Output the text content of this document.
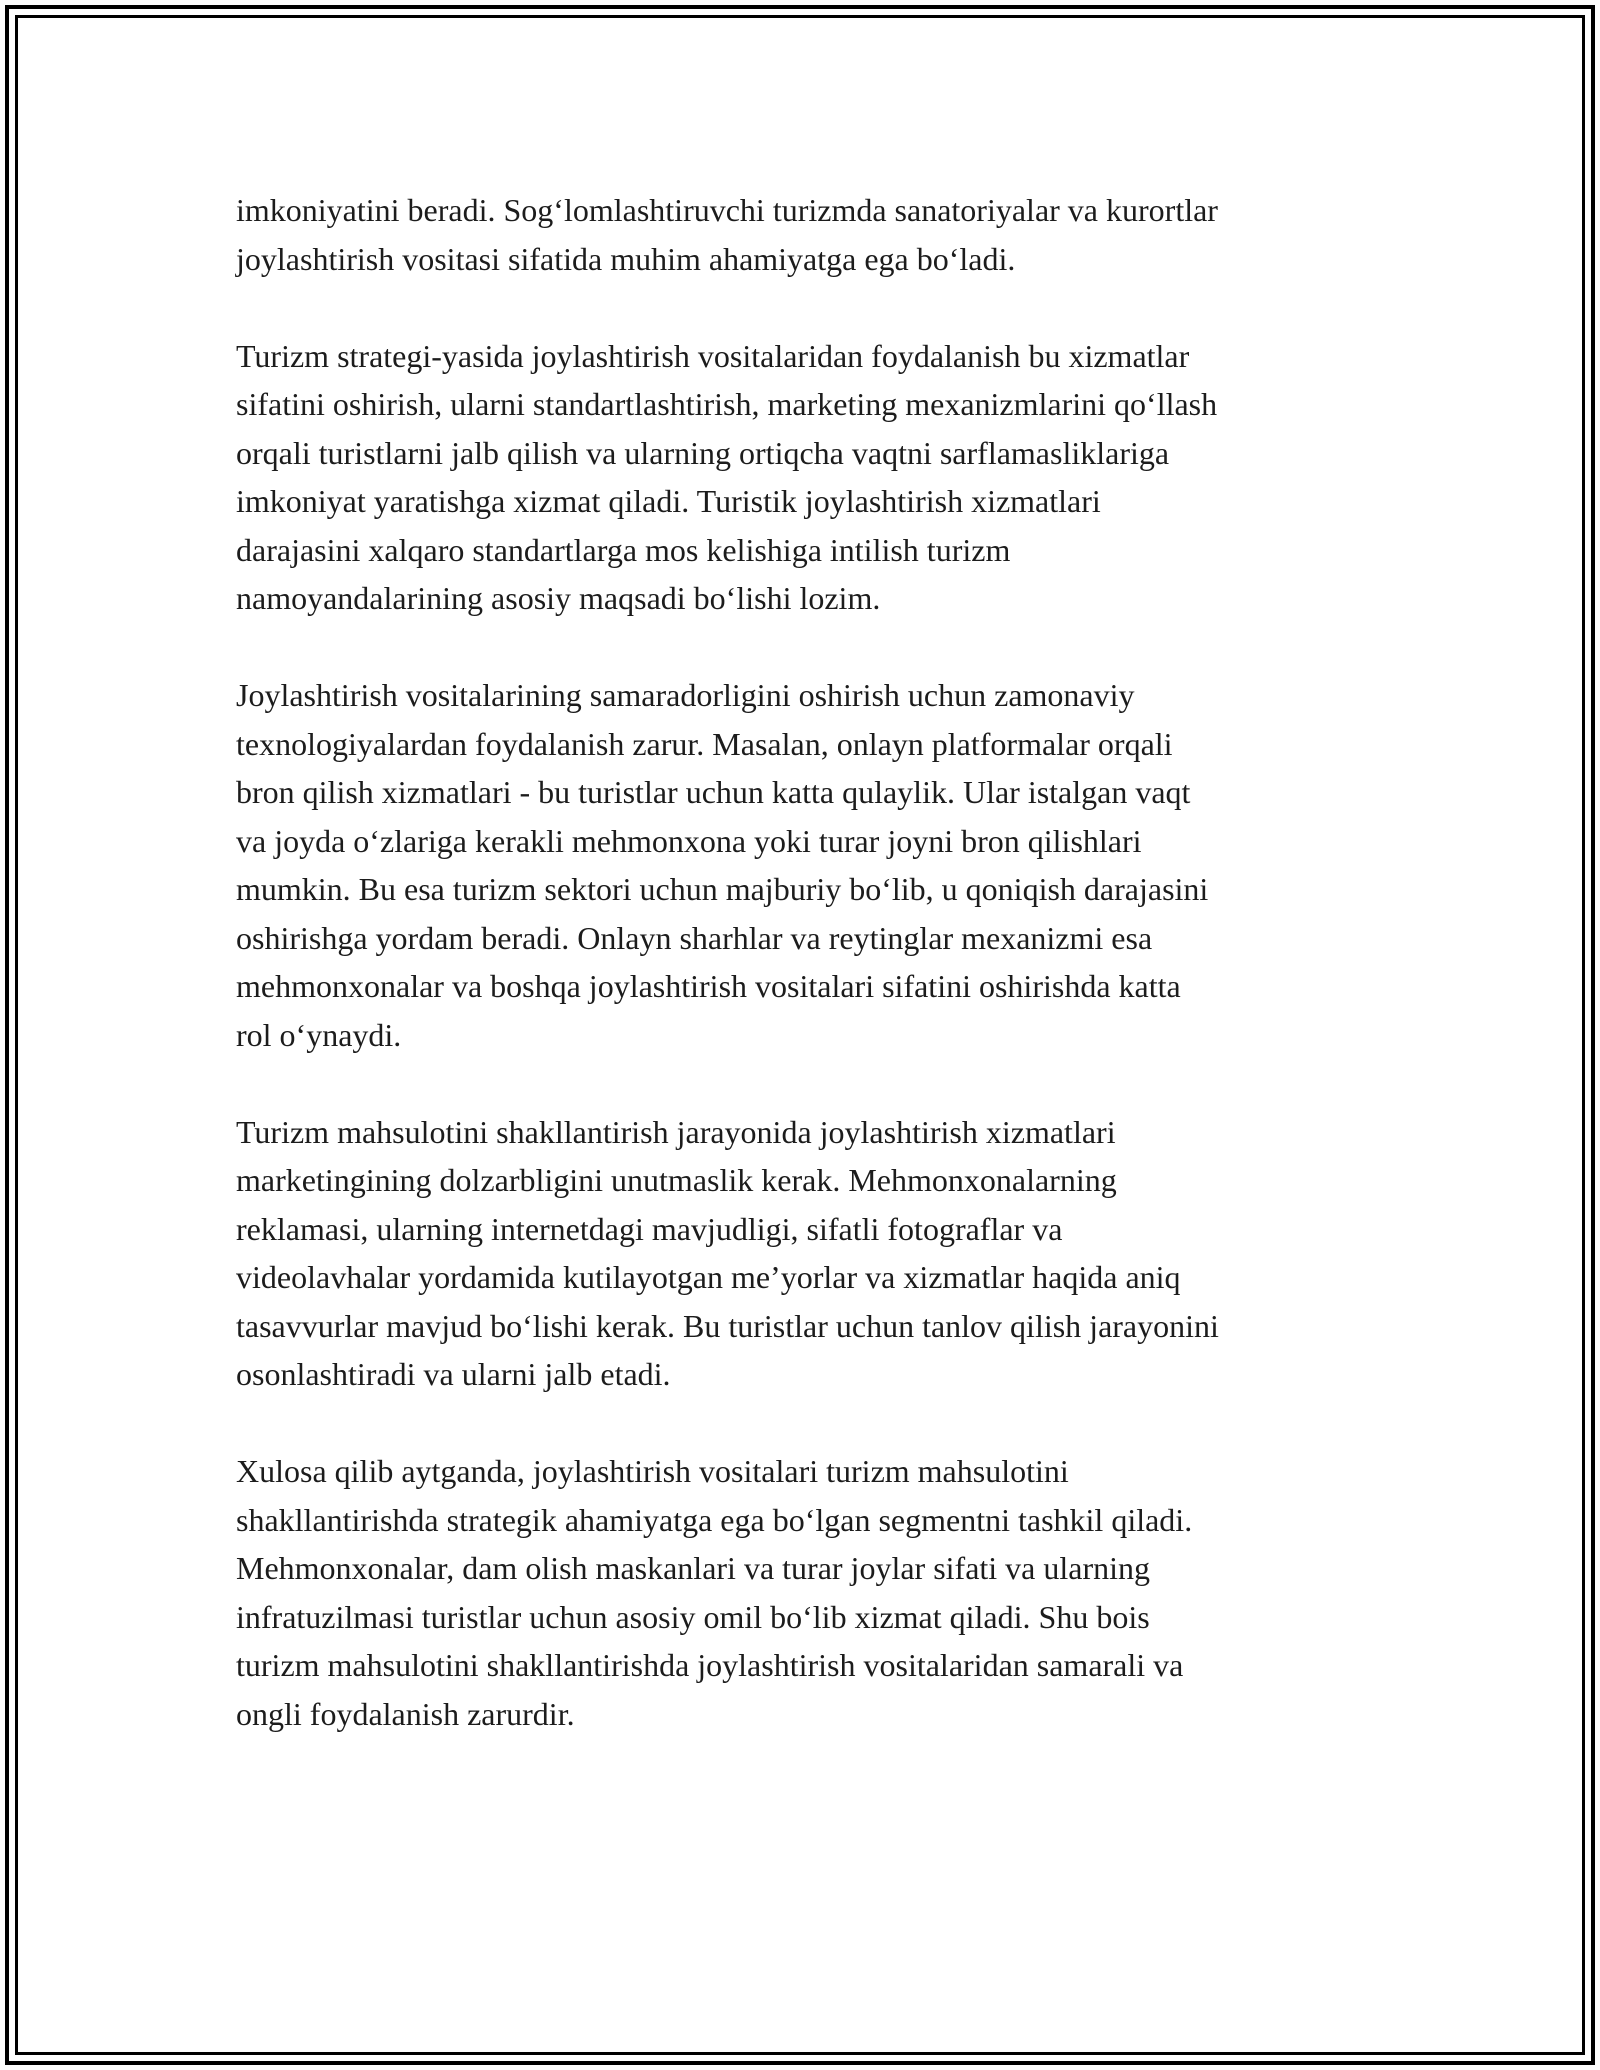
imkoniyatini beradi. Sog‘lomlashtiruvchi turizmda sanatoriyalar va kurortlar
joylashtirish vositasi sifatida muhim ahamiyatga ega bo‘ladi.

Turizm strategi-yasida joylashtirish vositalaridan foydalanish bu xizmatlar
sifatini oshirish, ularni standartlashtirish, marketing mexanizmlarini qo‘llash
orqali turistlarni jalb qilish va ularning ortiqcha vaqtni sarflamasliklariga
imkoniyat yaratishga xizmat qiladi. Turistik joylashtirish xizmatlari
darajasini xalqaro standartlarga mos kelishiga intilish turizm
namoyandalarining asosiy maqsadi bo‘lishi lozim.

Joylashtirish vositalarining samaradorligini oshirish uchun zamonaviy
texnologiyalardan foydalanish zarur. Masalan, onlayn platformalar orqali
bron qilish xizmatlari - bu turistlar uchun katta qulaylik. Ular istalgan vaqt
va joyda o‘zlariga kerakli mehmonxona yoki turar joyni bron qilishlari
mumkin. Bu esa turizm sektori uchun majburiy bo‘lib, u qoniqish darajasini
oshirishga yordam beradi. Onlayn sharhlar va reytinglar mexanizmi esa
mehmonxonalar va boshqa joylashtirish vositalari sifatini oshirishda katta
rol o‘ynaydi.

Turizm mahsulotini shakllantirish jarayonida joylashtirish xizmatlari
marketingining dolzarbligini unutmaslik kerak. Mehmonxonalarning
reklamasi, ularning internetdagi mavjudligi, sifatli fotograflar va
videolavhalar yordamida kutilayotgan me’yorlar va xizmatlar haqida aniq
tasavvurlar mavjud bo‘lishi kerak. Bu turistlar uchun tanlov qilish jarayonini
osonlashtiradi va ularni jalb etadi.

Xulosa qilib aytganda, joylashtirish vositalari turizm mahsulotini
shakllantirishda strategik ahamiyatga ega bo‘lgan segmentni tashkil qiladi.
Mehmonxonalar, dam olish maskanlari va turar joylar sifati va ularning
infratuzilmasi turistlar uchun asosiy omil bo‘lib xizmat qiladi. Shu bois
turizm mahsulotini shakllantirishda joylashtirish vositalaridan samarali va
ongli foydalanish zarurdir.
